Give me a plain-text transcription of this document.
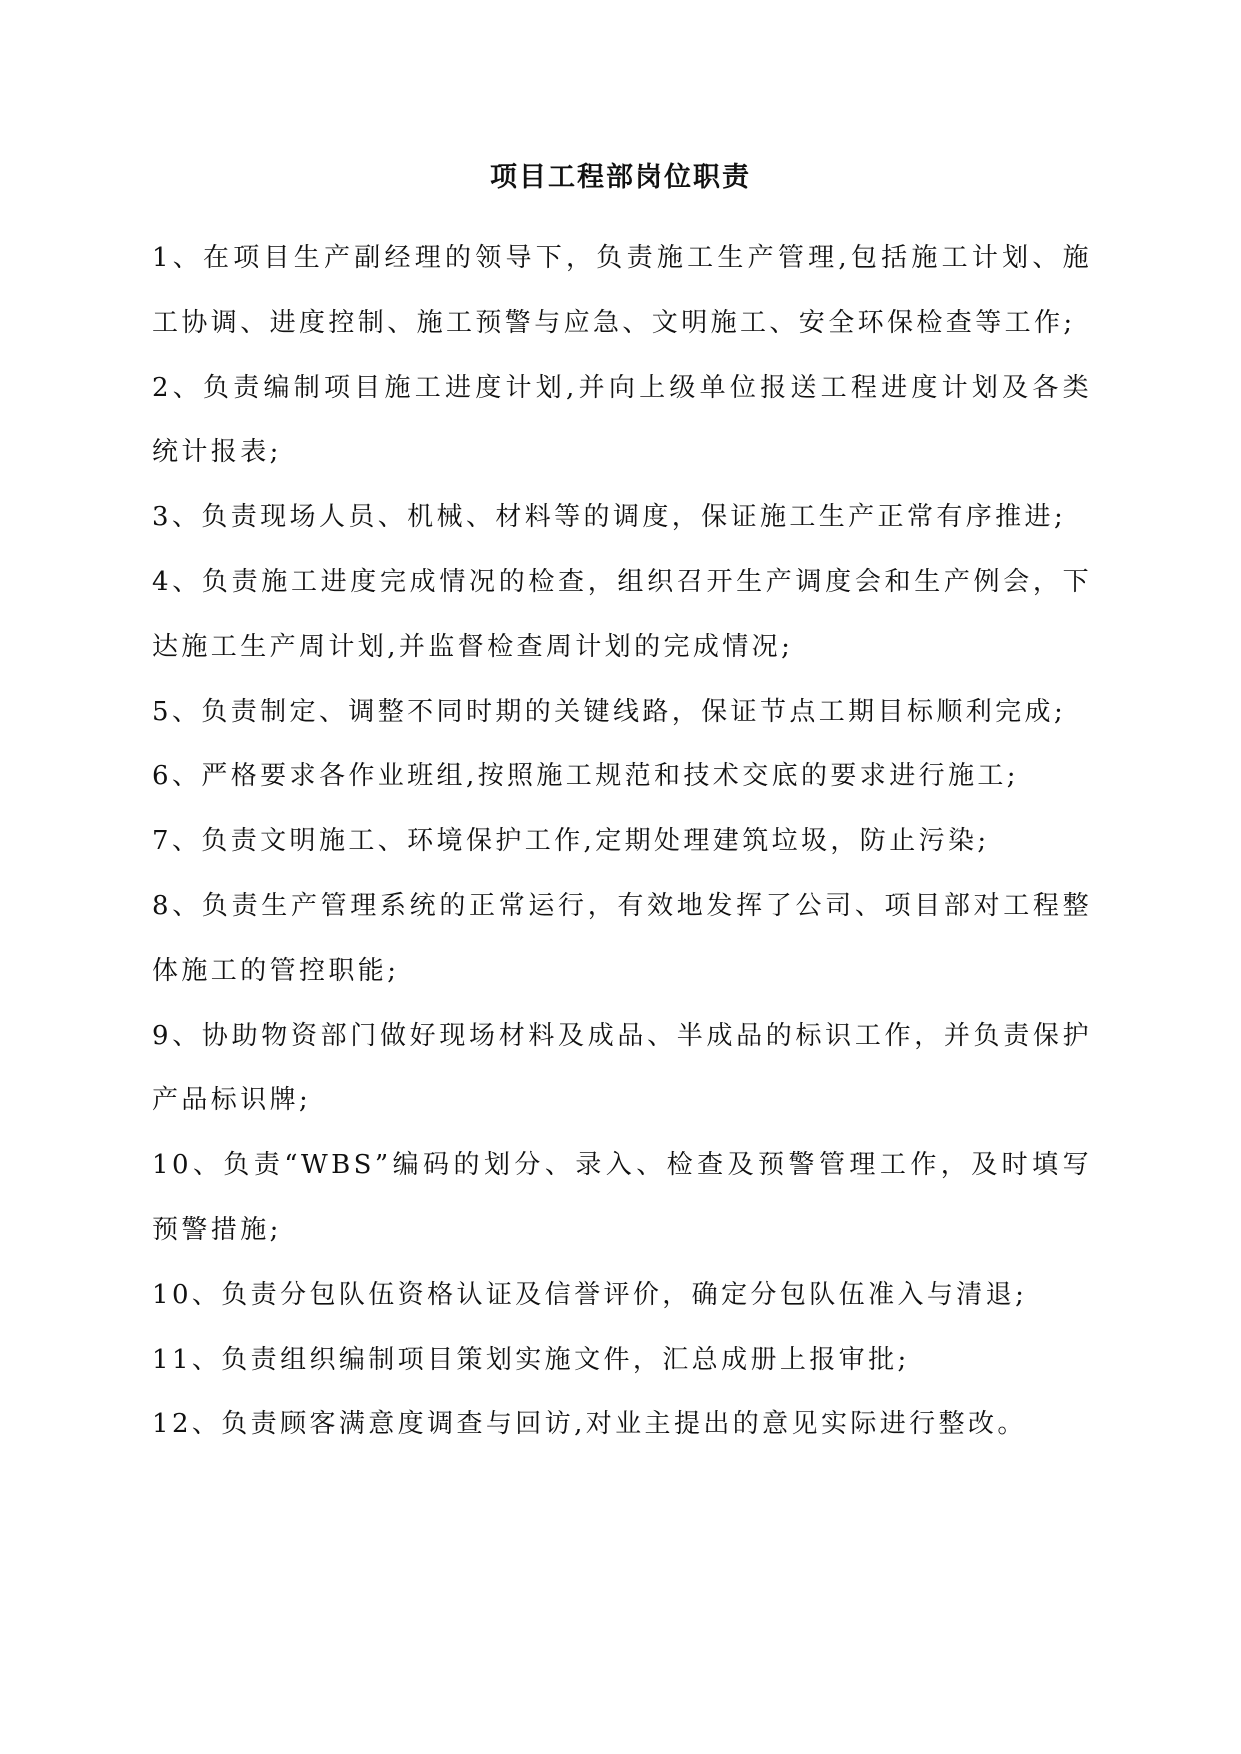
项目工程部岗位职责

1、在项目生产副经理的领导下，负责施工生产管理,包括施工计划、施工协调、进度控制、施工预警与应急、文明施工、安全环保检查等工作;

2、负责编制项目施工进度计划,并向上级单位报送工程进度计划及各类统计报表;

3、负责现场人员、机械、材料等的调度，保证施工生产正常有序推进;

4、负责施工进度完成情况的检查，组织召开生产调度会和生产例会，下达施工生产周计划,并监督检查周计划的完成情况;

5、负责制定、调整不同时期的关键线路，保证节点工期目标顺利完成;

6、严格要求各作业班组,按照施工规范和技术交底的要求进行施工;

7、负责文明施工、环境保护工作,定期处理建筑垃圾，防止污染;

8、负责生产管理系统的正常运行，有效地发挥了公司、项目部对工程整体施工的管控职能;

9、协助物资部门做好现场材料及成品、半成品的标识工作，并负责保护产品标识牌;

10、负责“WBS”编码的划分、录入、检查及预警管理工作，及时填写预警措施;

10、负责分包队伍资格认证及信誉评价，确定分包队伍准入与清退;

11、负责组织编制项目策划实施文件，汇总成册上报审批;

12、负责顾客满意度调查与回访,对业主提出的意见实际进行整改。
